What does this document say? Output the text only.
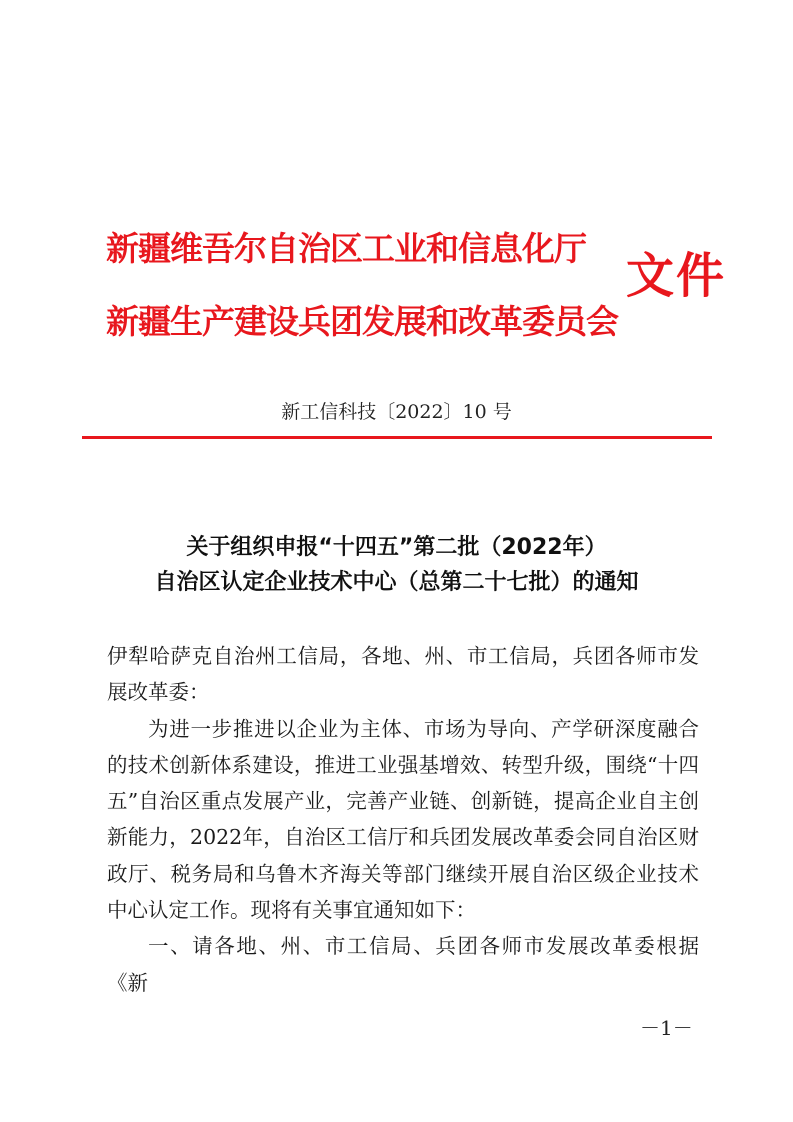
新疆维吾尔自治区工业和信息化厅
新疆生产建设兵团发展和改革委员会
文件
新工信科技〔2022〕10 号
关于组织申报“十四五”第二批（2022年）
自治区认定企业技术中心（总第二十七批）的通知

伊犁哈萨克自治州工信局，各地、州、市工信局，兵团各师市发展改革委：

为进一步推进以企业为主体、市场为导向、产学研深度融合的技术创新体系建设，推进工业强基增效、转型升级，围绕“十四五”自治区重点发展产业，完善产业链、创新链，提高企业自主创新能力，2022年，自治区工信厅和兵团发展改革委会同自治区财政厅、税务局和乌鲁木齐海关等部门继续开展自治区级企业技术中心认定工作。现将有关事宜通知如下：

一、请各地、州、市工信局、兵团各师市发展改革委根据《新

－1－
